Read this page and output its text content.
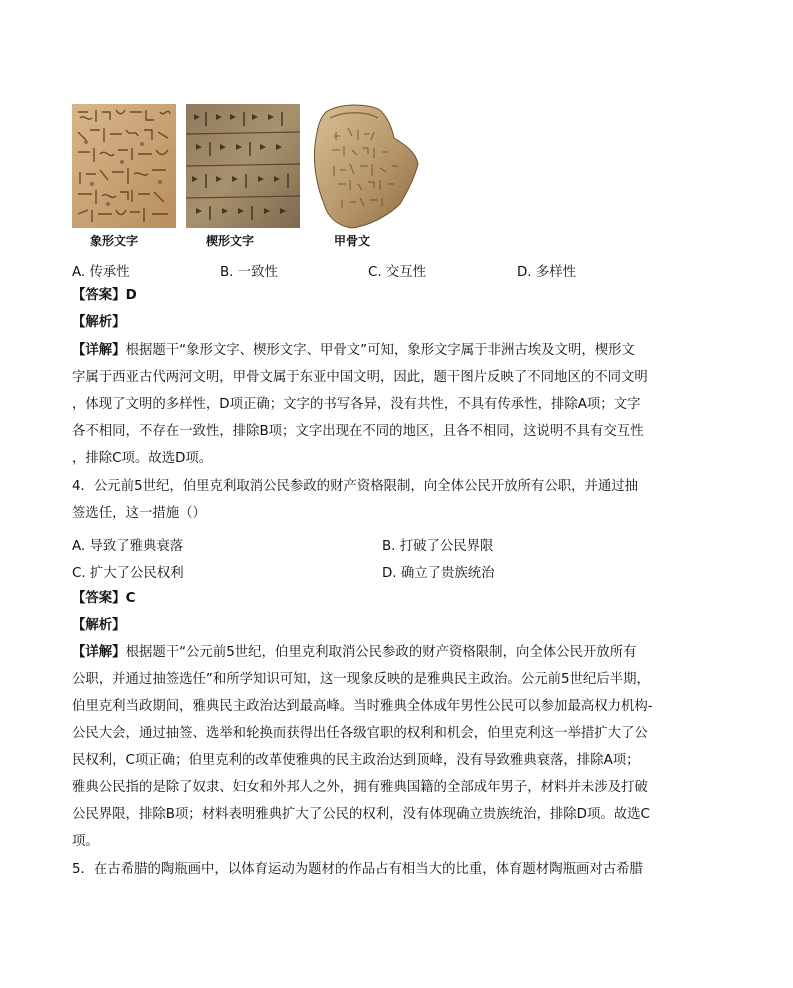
象形文字	楔形文字	甲骨文
A. 传承性	B. 一致性	C. 交互性	D. 多样性
【答案】D
【解析】
【详解】根据题干“象形文字、楔形文字、甲骨文”可知，象形文字属于非洲古埃及文明，楔形文
字属于西亚古代两河文明，甲骨文属于东亚中国文明，因此，题干图片反映了不同地区的不同文明
，体现了文明的多样性，D项正确；文字的书写各异，没有共性，不具有传承性，排除A项；文字
各不相同，不存在一致性，排除B项；文字出现在不同的地区，且各不相同，这说明不具有交互性
，排除C项。故选D项。
4．公元前5世纪，伯里克利取消公民参政的财产资格限制，向全体公民开放所有公职，并通过抽
签选任，这一措施（）
A. 导致了雅典衰落	B. 打破了公民界限
C. 扩大了公民权利	D. 确立了贵族统治
【答案】C
【解析】
【详解】根据题干“公元前5世纪，伯里克利取消公民参政的财产资格限制，向全体公民开放所有
公职，并通过抽签选任”和所学知识可知，这一现象反映的是雅典民主政治。公元前5世纪后半期，
伯里克利当政期间，雅典民主政治达到最高峰。当时雅典全体成年男性公民可以参加最高权力机构-
公民大会，通过抽签、选举和轮换而获得出任各级官职的权利和机会，伯里克利这一举措扩大了公
民权利，C项正确；伯里克利的改革使雅典的民主政治达到顶峰，没有导致雅典衰落，排除A项；
雅典公民指的是除了奴隶、妇女和外邦人之外，拥有雅典国籍的全部成年男子，材料并未涉及打破
公民界限，排除B项；材料表明雅典扩大了公民的权利，没有体现确立贵族统治，排除D项。故选C
项。
5．在古希腊的陶瓶画中，以体育运动为题材的作品占有相当大的比重，体育题材陶瓶画对古希腊
